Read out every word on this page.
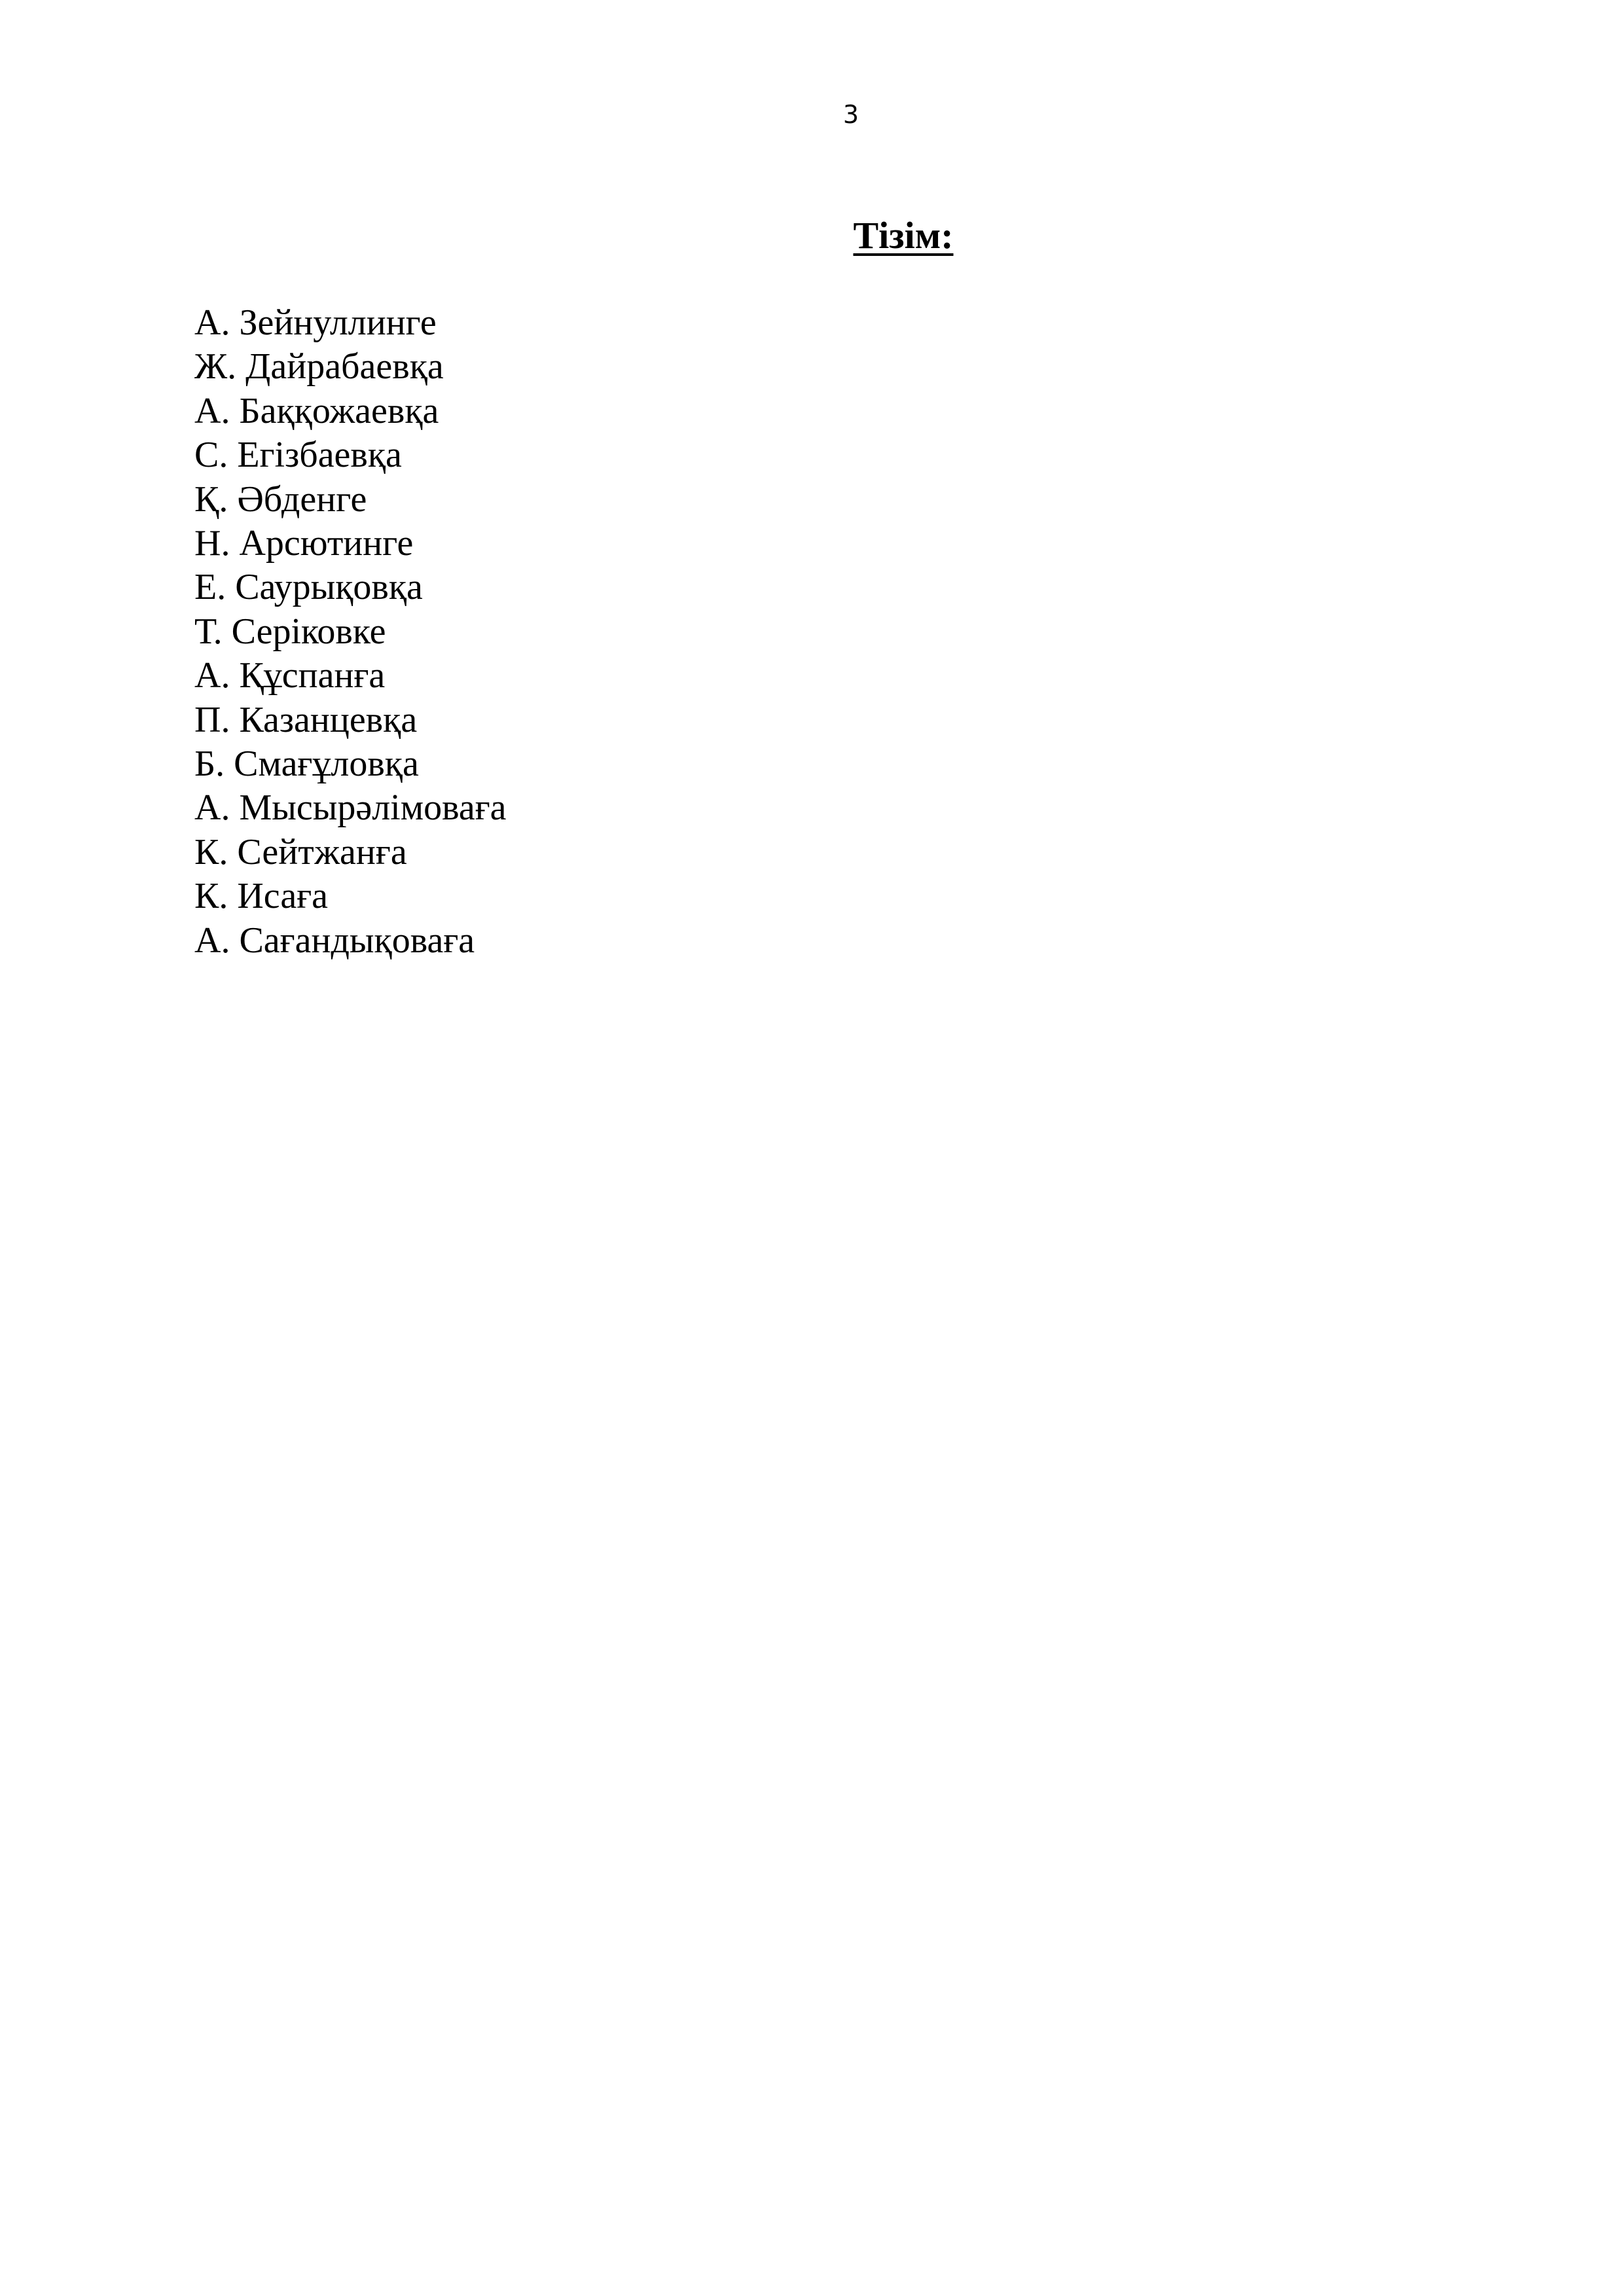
3
Тізім:
А. Зейнуллинге
Ж. Дайрабаевқа
А. Баққожаевқа
С. Егізбаевқа
Қ. Әбденге
Н. Арсютинге
Е. Саурықовқа
Т. Серіковке
А. Құспанға
П. Казанцевқа
Б. Смағұловқа
А. Мысырәлімоваға
К. Сейтжанға
К. Исаға
А. Сағандықоваға
